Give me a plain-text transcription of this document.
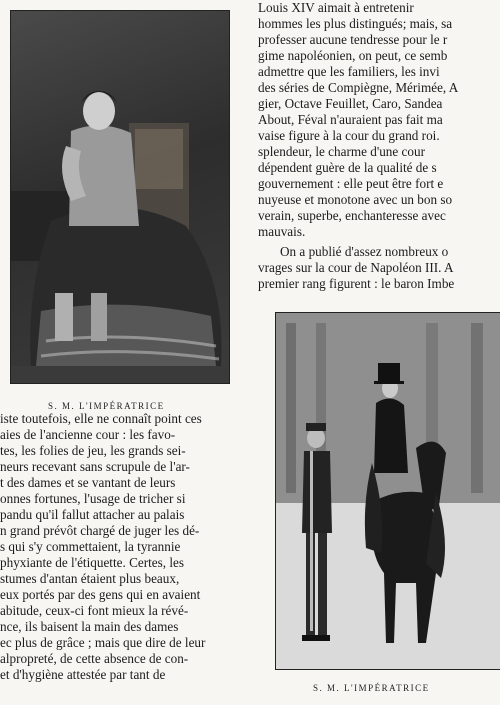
S. M. L'IMPÉRATRICE
S. M. L'IMPÉRATRICE
Louis XIV aimait à entretenir
hommes les plus distingués; mais, sa
professer aucune tendresse pour le r
gime napoléonien, on peut, ce semb
admettre que les familiers, les invi
des séries de Compiègne, Mérimée, A
gier, Octave Feuillet, Caro, Sandea
About, Féval n'auraient pas fait ma
vaise figure à la cour du grand roi.
splendeur, le charme d'une cour
dépendent guère de la qualité de s
gouvernement : elle peut être fort e
nuyeuse et monotone avec un bon so
verain, superbe, enchanteresse avec
mauvais.
On a publié d'assez nombreux o
vrages sur la cour de Napoléon III. A
premier rang figurent : le baron Imbe
iste toutefois, elle ne connaît point ces
aies de l'ancienne cour : les favo-
tes, les folies de jeu, les grands sei-
neurs recevant sans scrupule de l'ar-
t des dames et se vantant de leurs
onnes fortunes, l'usage de tricher si
pandu qu'il fallut attacher au palais
n grand prévôt chargé de juger les dé-
s qui s'y commettaient, la tyrannie
phyxiante de l'étiquette. Certes, les
stumes d'antan étaient plus beaux,
eux portés par des gens qui en avaient
abitude, ceux-ci font mieux la révé-
nce, ils baisent la main des dames
ec plus de grâce ; mais que dire de leur
alpropreté, de cette absence de con-
et d'hygiène attestée par tant de
